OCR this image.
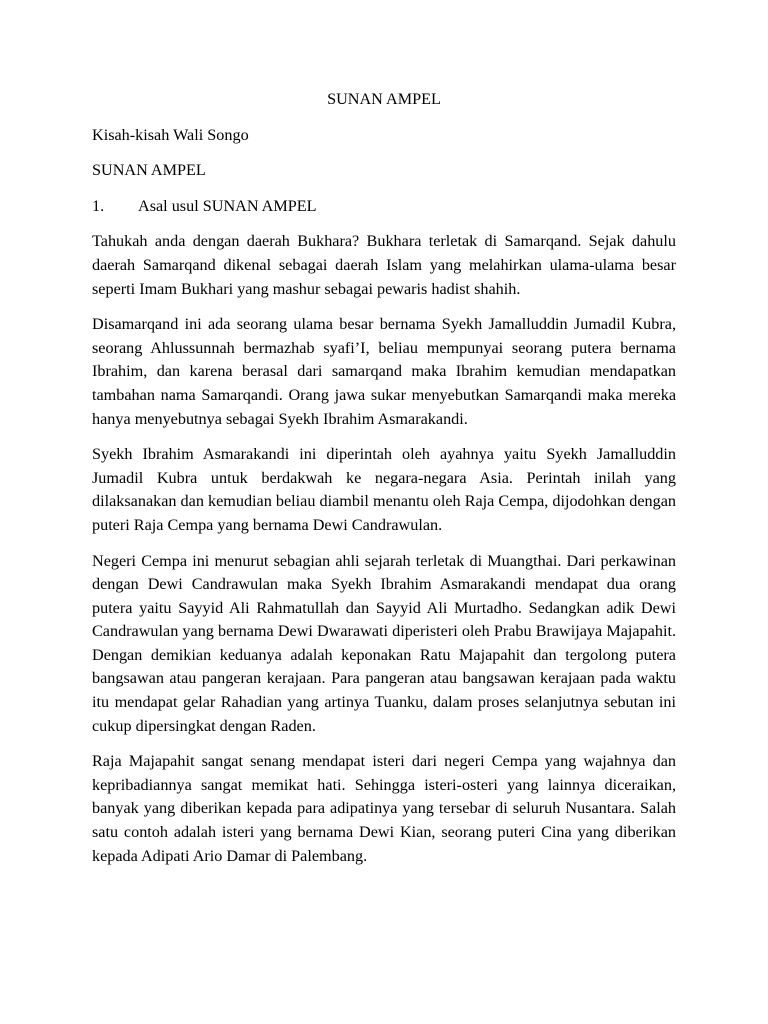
SUNAN AMPEL
Kisah-kisah Wali Songo
SUNAN AMPEL
1. Asal usul SUNAN AMPEL

Tahukah anda dengan daerah Bukhara? Bukhara terletak di Samarqand. Sejak dahulu daerah Samarqand dikenal sebagai daerah Islam yang melahirkan ulama-ulama besar seperti Imam Bukhari yang mashur sebagai pewaris hadist shahih.

Disamarqand ini ada seorang ulama besar bernama Syekh Jamalluddin Jumadil Kubra, seorang Ahlussunnah bermazhab syafi’I, beliau mempunyai seorang putera bernama Ibrahim, dan karena berasal dari samarqand maka Ibrahim kemudian mendapatkan tambahan nama Samarqandi. Orang jawa sukar menyebutkan Samarqandi maka mereka hanya menyebutnya sebagai Syekh Ibrahim Asmarakandi.

Syekh Ibrahim Asmarakandi ini diperintah oleh ayahnya yaitu Syekh Jamalluddin Jumadil Kubra untuk berdakwah ke negara-negara Asia. Perintah inilah yang dilaksanakan dan kemudian beliau diambil menantu oleh Raja Cempa, dijodohkan dengan puteri Raja Cempa yang bernama Dewi Candrawulan.

Negeri Cempa ini menurut sebagian ahli sejarah terletak di Muangthai. Dari perkawinan dengan Dewi Candrawulan maka Syekh Ibrahim Asmarakandi mendapat dua orang putera yaitu Sayyid Ali Rahmatullah dan Sayyid Ali Murtadho. Sedangkan adik Dewi Candrawulan yang bernama Dewi Dwarawati diperisteri oleh Prabu Brawijaya Majapahit. Dengan demikian keduanya adalah keponakan Ratu Majapahit dan tergolong putera bangsawan atau pangeran kerajaan. Para pangeran atau bangsawan kerajaan pada waktu itu mendapat gelar Rahadian yang artinya Tuanku, dalam proses selanjutnya sebutan ini cukup dipersingkat dengan Raden.

Raja Majapahit sangat senang mendapat isteri dari negeri Cempa yang wajahnya dan kepribadiannya sangat memikat hati. Sehingga isteri-osteri yang lainnya diceraikan, banyak yang diberikan kepada para adipatinya yang tersebar di seluruh Nusantara. Salah satu contoh adalah isteri yang bernama Dewi Kian, seorang puteri Cina yang diberikan kepada Adipati Ario Damar di Palembang.
